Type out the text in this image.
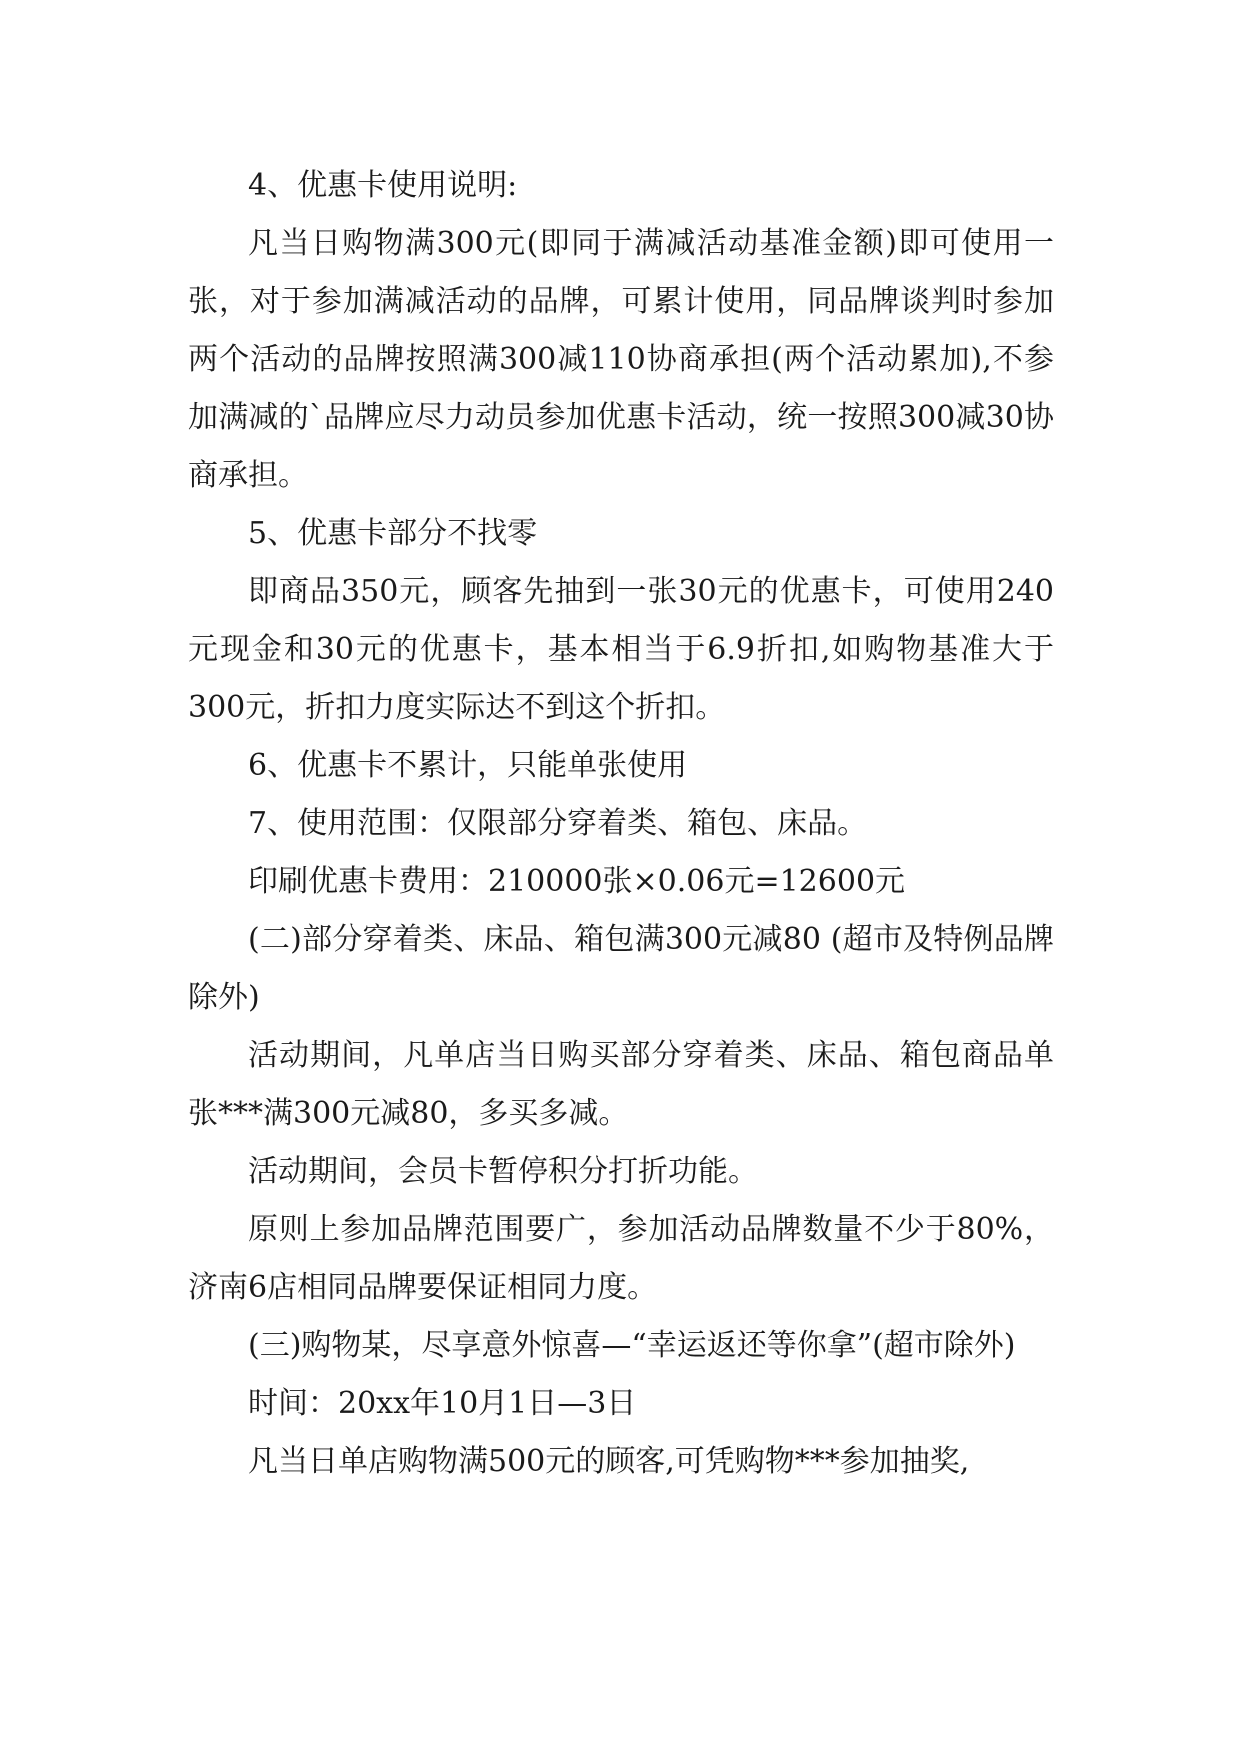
4、优惠卡使用说明:

凡当日购物满300元(即同于满减活动基准金额)即可使用一张，对于参加满减活动的品牌，可累计使用，同品牌谈判时参加两个活动的品牌按照满300减110协商承担(两个活动累加),不参加满减的`品牌应尽力动员参加优惠卡活动，统一按照300减30协商承担。

5、优惠卡部分不找零

即商品350元，顾客先抽到一张30元的优惠卡，可使用240元现金和30元的优惠卡，基本相当于6.9折扣,如购物基准大于300元，折扣力度实际达不到这个折扣。

6、优惠卡不累计，只能单张使用

7、使用范围：仅限部分穿着类、箱包、床品。

印刷优惠卡费用：210000张×0.06元=12600元

(二)部分穿着类、床品、箱包满300元减80 (超市及特例品牌除外)

活动期间，凡单店当日购买部分穿着类、床品、箱包商品单张***满300元减80，多买多减。

活动期间，会员卡暂停积分打折功能。

原则上参加品牌范围要广，参加活动品牌数量不少于80%，济南6店相同品牌要保证相同力度。

(三)购物某，尽享意外惊喜—“幸运返还等你拿”(超市除外)

时间：20xx年10月1日—3日

凡当日单店购物满500元的顾客,可凭购物***参加抽奖,
